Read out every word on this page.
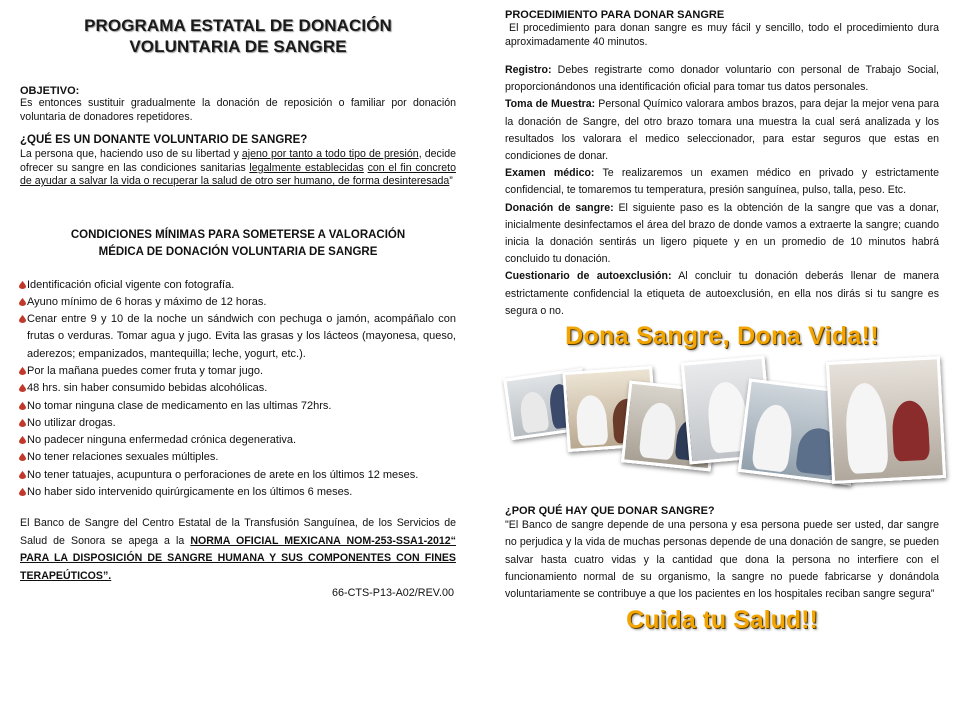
PROGRAMA ESTATAL DE DONACIÓN
VOLUNTARIA DE SANGRE
OBJETIVO:

Es entonces sustituir gradualmente la donación de reposición o familiar por donación voluntaria de donadores repetidores.

¿QUÉ ES UN DONANTE VOLUNTARIO DE SANGRE?

La persona que, haciendo uso de su libertad y ajeno por tanto a todo tipo de presión, decide ofrecer su sangre en las condiciones sanitarias legalmente establecidas con el fin concreto de ayudar a salvar la vida o recuperar la salud de otro ser humano, de forma desinteresada”

CONDICIONES MÍNIMAS PARA SOMETERSE A VALORACIÓN
MÉDICA DE DONACIÓN VOLUNTARIA DE SANGRE
Identificación oficial vigente con fotografía.
Ayuno mínimo de 6 horas y máximo de 12 horas.
Cenar entre 9 y 10 de la noche un sándwich con pechuga o jamón, acompáñalo con frutas o verduras. Tomar agua y jugo. Evita las grasas y los lácteos (mayonesa, queso, aderezos; empanizados, mantequilla; leche, yogurt, etc.).
Por la mañana puedes comer fruta y tomar jugo.
48 hrs. sin haber consumido bebidas alcohólicas.
No tomar ninguna clase de medicamento en las ultimas 72hrs.
No utilizar drogas.
No padecer ninguna enfermedad crónica degenerativa.
No tener relaciones sexuales múltiples.
No tener tatuajes, acupuntura o perforaciones de arete en los últimos 12 meses.
No haber sido intervenido quirúrgicamente en los últimos 6 meses.

El Banco de Sangre del Centro Estatal de la Transfusión Sanguínea, de los Servicios de Salud de Sonora se apega a la NORMA OFICIAL MEXICANA NOM-253-SSA1-2012“ PARA LA DISPOSICIÓN DE SANGRE HUMANA Y SUS COMPONENTES CON FINES TERAPEÚTICOS”.

66-CTS-P13-A02/REV.00
PROCEDIMIENTO PARA DONAR SANGRE

El procedimiento para donan sangre es muy fácil y sencillo, todo el procedimiento dura aproximadamente 40 minutos.

Registro: Debes registrarte como donador voluntario con personal de Trabajo Social, proporcionándonos una identificación oficial para tomar tus datos personales.

Toma de Muestra: Personal Químico valorara ambos brazos, para dejar la mejor vena para la donación de Sangre, del otro brazo tomara una muestra la cual será analizada y los resultados los valorara el medico seleccionador, para estar seguros que estas en condiciones de donar.

Examen médico: Te realizaremos un examen médico en privado y estrictamente confidencial, te tomaremos tu temperatura, presión sanguínea, pulso, talla, peso. Etc.

Donación de sangre: El siguiente paso es la obtención de la sangre que vas a donar, inicialmente desinfectamos el área del brazo de donde vamos a extraerte la sangre; cuando inicia la donación sentirás un ligero piquete y en un promedio de 10 minutos habrá concluido tu donación.

Cuestionario de autoexclusión: Al concluir tu donación deberás llenar de manera estrictamente confidencial la etiqueta de autoexclusión, en ella nos dirás si tu sangre es segura o no.

Dona Sangre, Dona Vida!!
¿POR QUÉ HAY QUE DONAR SANGRE?

"El Banco de sangre depende de una persona y esa persona puede ser usted, dar sangre no perjudica y la vida de muchas personas depende de una donación de sangre, se pueden salvar hasta cuatro vidas y la cantidad que dona la persona no interfiere con el funcionamiento normal de su organismo, la sangre no puede fabricarse y donándola voluntariamente se contribuye a que los pacientes en los hospitales reciban sangre segura”

Cuida tu Salud!!
